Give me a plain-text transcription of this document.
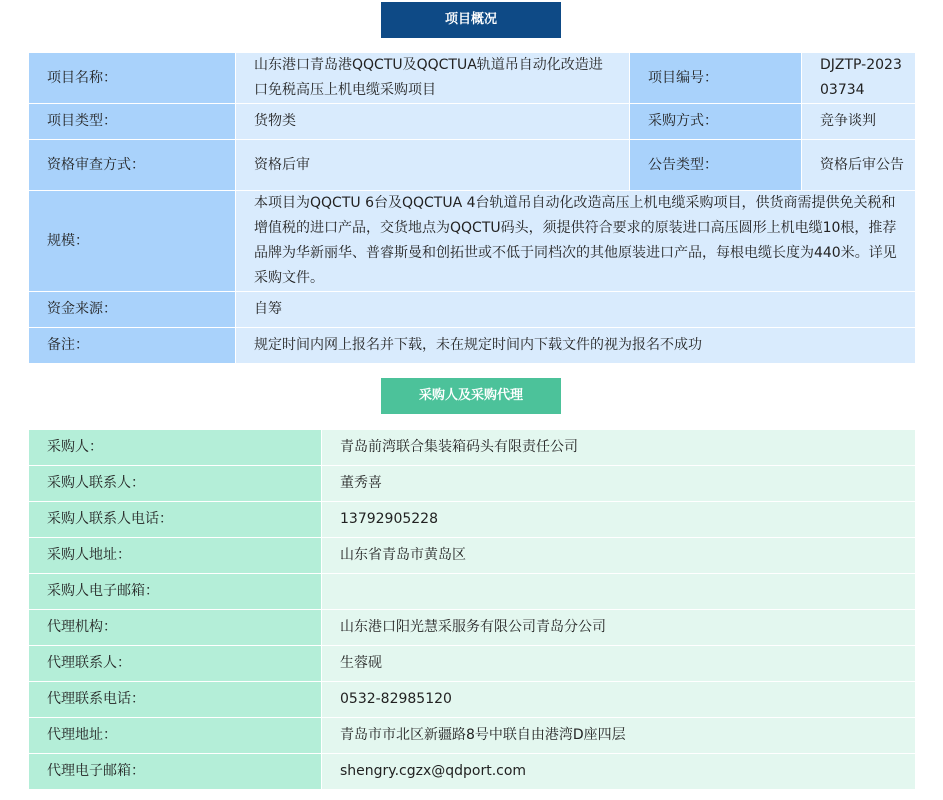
项目概况
项目名称：	山东港口青岛港QQCTU及QQCTUA轨道吊自动化改造进口免税高压上机电缆采购项目	项目编号：	DJZTP-202303734
项目类型：	货物类	采购方式：	竞争谈判
资格审查方式：	资格后审	公告类型：	资格后审公告
规模：	本项目为QQCTU 6台及QQCTUA 4台轨道吊自动化改造高压上机电缆采购项目，供货商需提供免关税和增值税的进口产品，交货地点为QQCTU码头，须提供符合要求的原装进口高压圆形上机电缆10根，推荐品牌为华新丽华、普睿斯曼和创拓世或不低于同档次的其他原装进口产品，每根电缆长度为440米。详见采购文件。		
资金来源：	自筹		
备注：	规定时间内网上报名并下载，未在规定时间内下载文件的视为报名不成功		
采购人及采购代理
采购人：	青岛前湾联合集装箱码头有限责任公司
采购人联系人：	董秀喜
采购人联系人电话：	13792905228
采购人地址：	山东省青岛市黄岛区
采购人电子邮箱：	
代理机构：	山东港口阳光慧采服务有限公司青岛分公司
代理联系人：	生蓉砚
代理联系电话：	0532-82985120
代理地址：	青岛市市北区新疆路8号中联自由港湾D座四层
代理电子邮箱：	shengry.cgzx@qdport.com
